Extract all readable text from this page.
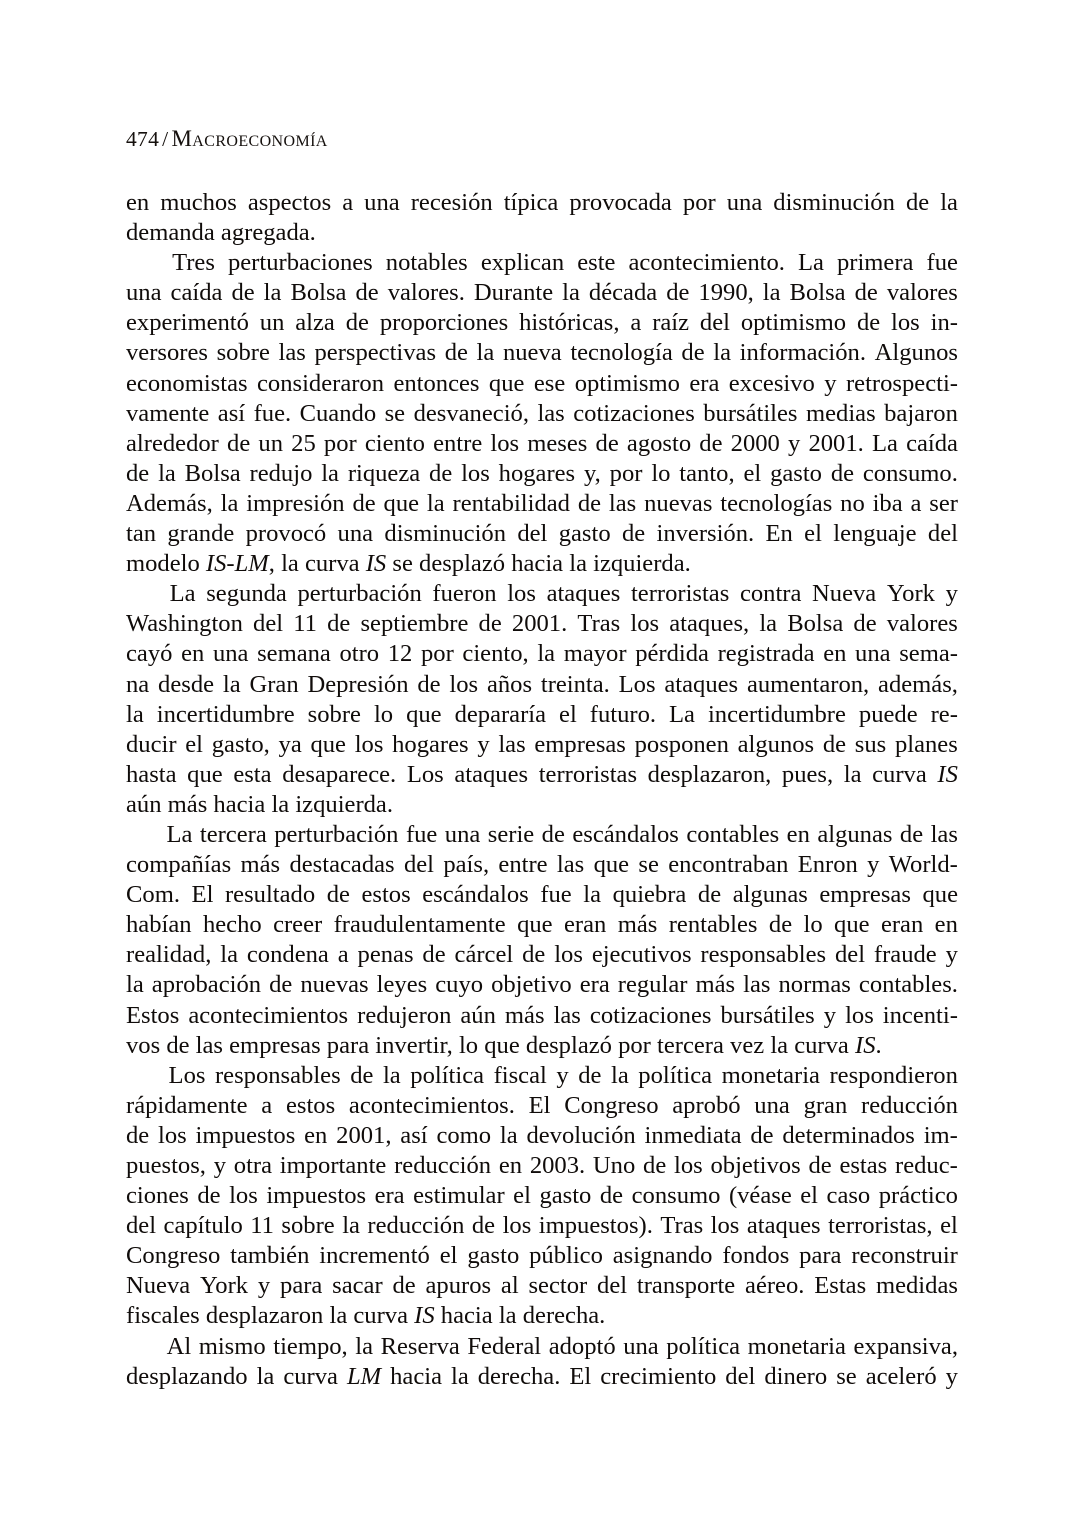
474 / Macroeconomía

en muchos aspectos a una recesión típica provocada por una disminución de la
demanda agregada.

Tres perturbaciones notables explican este acontecimiento. La primera fue
una caída de la Bolsa de valores. Durante la década de 1990, la Bolsa de valores
experimentó un alza de proporciones históricas, a raíz del optimismo de los in-
versores sobre las perspectivas de la nueva tecnología de la información. Algunos
economistas consideraron entonces que ese optimismo era excesivo y retrospecti-
vamente así fue. Cuando se desvaneció, las cotizaciones bursátiles medias bajaron
alrededor de un 25 por ciento entre los meses de agosto de 2000 y 2001. La caída
de la Bolsa redujo la riqueza de los hogares y, por lo tanto, el gasto de consumo.
Además, la impresión de que la rentabilidad de las nuevas tecnologías no iba a ser
tan grande provocó una disminución del gasto de inversión. En el lenguaje del
modelo IS-LM, la curva IS se desplazó hacia la izquierda.

La segunda perturbación fueron los ataques terroristas contra Nueva York y
Washington del 11 de septiembre de 2001. Tras los ataques, la Bolsa de valores
cayó en una semana otro 12 por ciento, la mayor pérdida registrada en una sema-
na desde la Gran Depresión de los años treinta. Los ataques aumentaron, además,
la incertidumbre sobre lo que depararía el futuro. La incertidumbre puede re-
ducir el gasto, ya que los hogares y las empresas posponen algunos de sus planes
hasta que esta desaparece. Los ataques terroristas desplazaron, pues, la curva IS
aún más hacia la izquierda.

La tercera perturbación fue una serie de escándalos contables en algunas de las
compañías más destacadas del país, entre las que se encontraban Enron y World-
Com. El resultado de estos escándalos fue la quiebra de algunas empresas que
habían hecho creer fraudulentamente que eran más rentables de lo que eran en
realidad, la condena a penas de cárcel de los ejecutivos responsables del fraude y
la aprobación de nuevas leyes cuyo objetivo era regular más las normas contables.
Estos acontecimientos redujeron aún más las cotizaciones bursátiles y los incenti-
vos de las empresas para invertir, lo que desplazó por tercera vez la curva IS.

Los responsables de la política fiscal y de la política monetaria respondieron
rápidamente a estos acontecimientos. El Congreso aprobó una gran reducción
de los impuestos en 2001, así como la devolución inmediata de determinados im-
puestos, y otra importante reducción en 2003. Uno de los objetivos de estas reduc-
ciones de los impuestos era estimular el gasto de consumo (véase el caso práctico
del capítulo 11 sobre la reducción de los impuestos). Tras los ataques terroristas, el
Congreso también incrementó el gasto público asignando fondos para reconstruir
Nueva York y para sacar de apuros al sector del transporte aéreo. Estas medidas
fiscales desplazaron la curva IS hacia la derecha.

Al mismo tiempo, la Reserva Federal adoptó una política monetaria expansiva,
desplazando la curva LM hacia la derecha. El crecimiento del dinero se aceleró y
